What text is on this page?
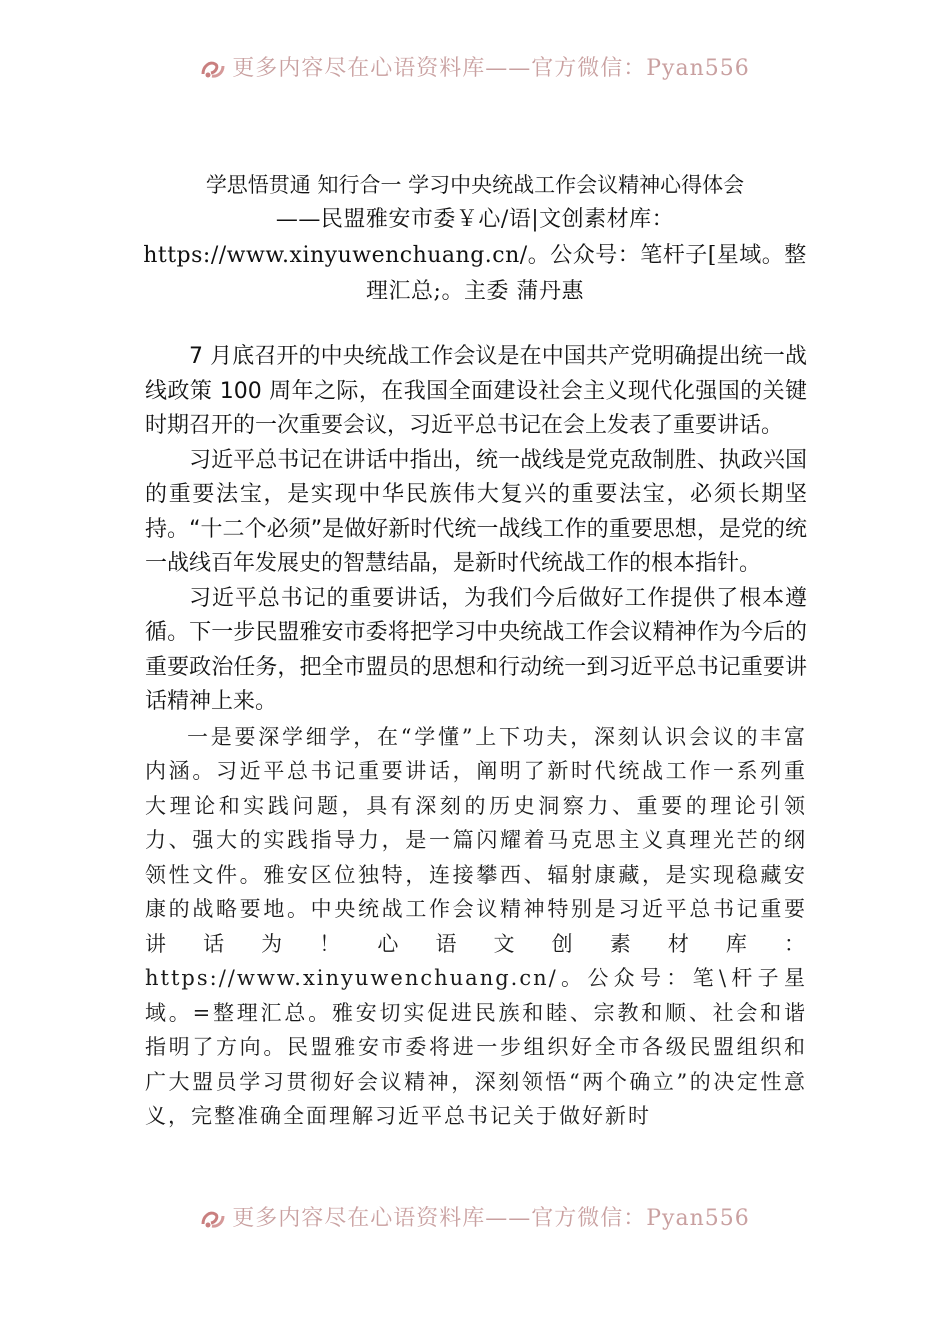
更多内容尽在心语资料库——官方微信：Pyan556

学思悟贯通 知行合一 学习中央统战工作会议精神心得体会

——民盟雅安市委￥心/语|文创素材库：https://www.xinyuwenchuang.cn/。公众号：笔杆子[星域。整理汇总;。主委 蒲丹惠

7 月底召开的中央统战工作会议是在中国共产党明确提出统一战线政策 100 周年之际，在我国全面建设社会主义现代化强国的关键时期召开的一次重要会议，习近平总书记在会上发表了重要讲话。

习近平总书记在讲话中指出，统一战线是党克敌制胜、执政兴国的重要法宝，是实现中华民族伟大复兴的重要法宝，必须长期坚持。“十二个必须”是做好新时代统一战线工作的重要思想，是党的统一战线百年发展史的智慧结晶，是新时代统战工作的根本指针。

习近平总书记的重要讲话，为我们今后做好工作提供了根本遵循。下一步民盟雅安市委将把学习中央统战工作会议精神作为今后的重要政治任务，把全市盟员的思想和行动统一到习近平总书记重要讲话精神上来。

一是要深学细学，在“学懂”上下功夫，深刻认识会议的丰富内涵。习近平总书记重要讲话，阐明了新时代统战工作一系列重大理论和实践问题，具有深刻的历史洞察力、重要的理论引领力、强大的实践指导力，是一篇闪耀着马克思主义真理光芒的纲领性文件。雅安区位独特，连接攀西、辐射康藏，是实现稳藏安康的战略要地。中央统战工作会议精神特别是习近平总书记重要讲话为！心语文创素材库：https://www.xinyuwenchuang.cn/。公众号：笔\杆子星域。=整理汇总。雅安切实促进民族和睦、宗教和顺、社会和谐指明了方向。民盟雅安市委将进一步组织好全市各级民盟组织和广大盟员学习贯彻好会议精神，深刻领悟“两个确立”的决定性意义，完整准确全面理解习近平总书记关于做好新时

更多内容尽在心语资料库——官方微信：Pyan556
